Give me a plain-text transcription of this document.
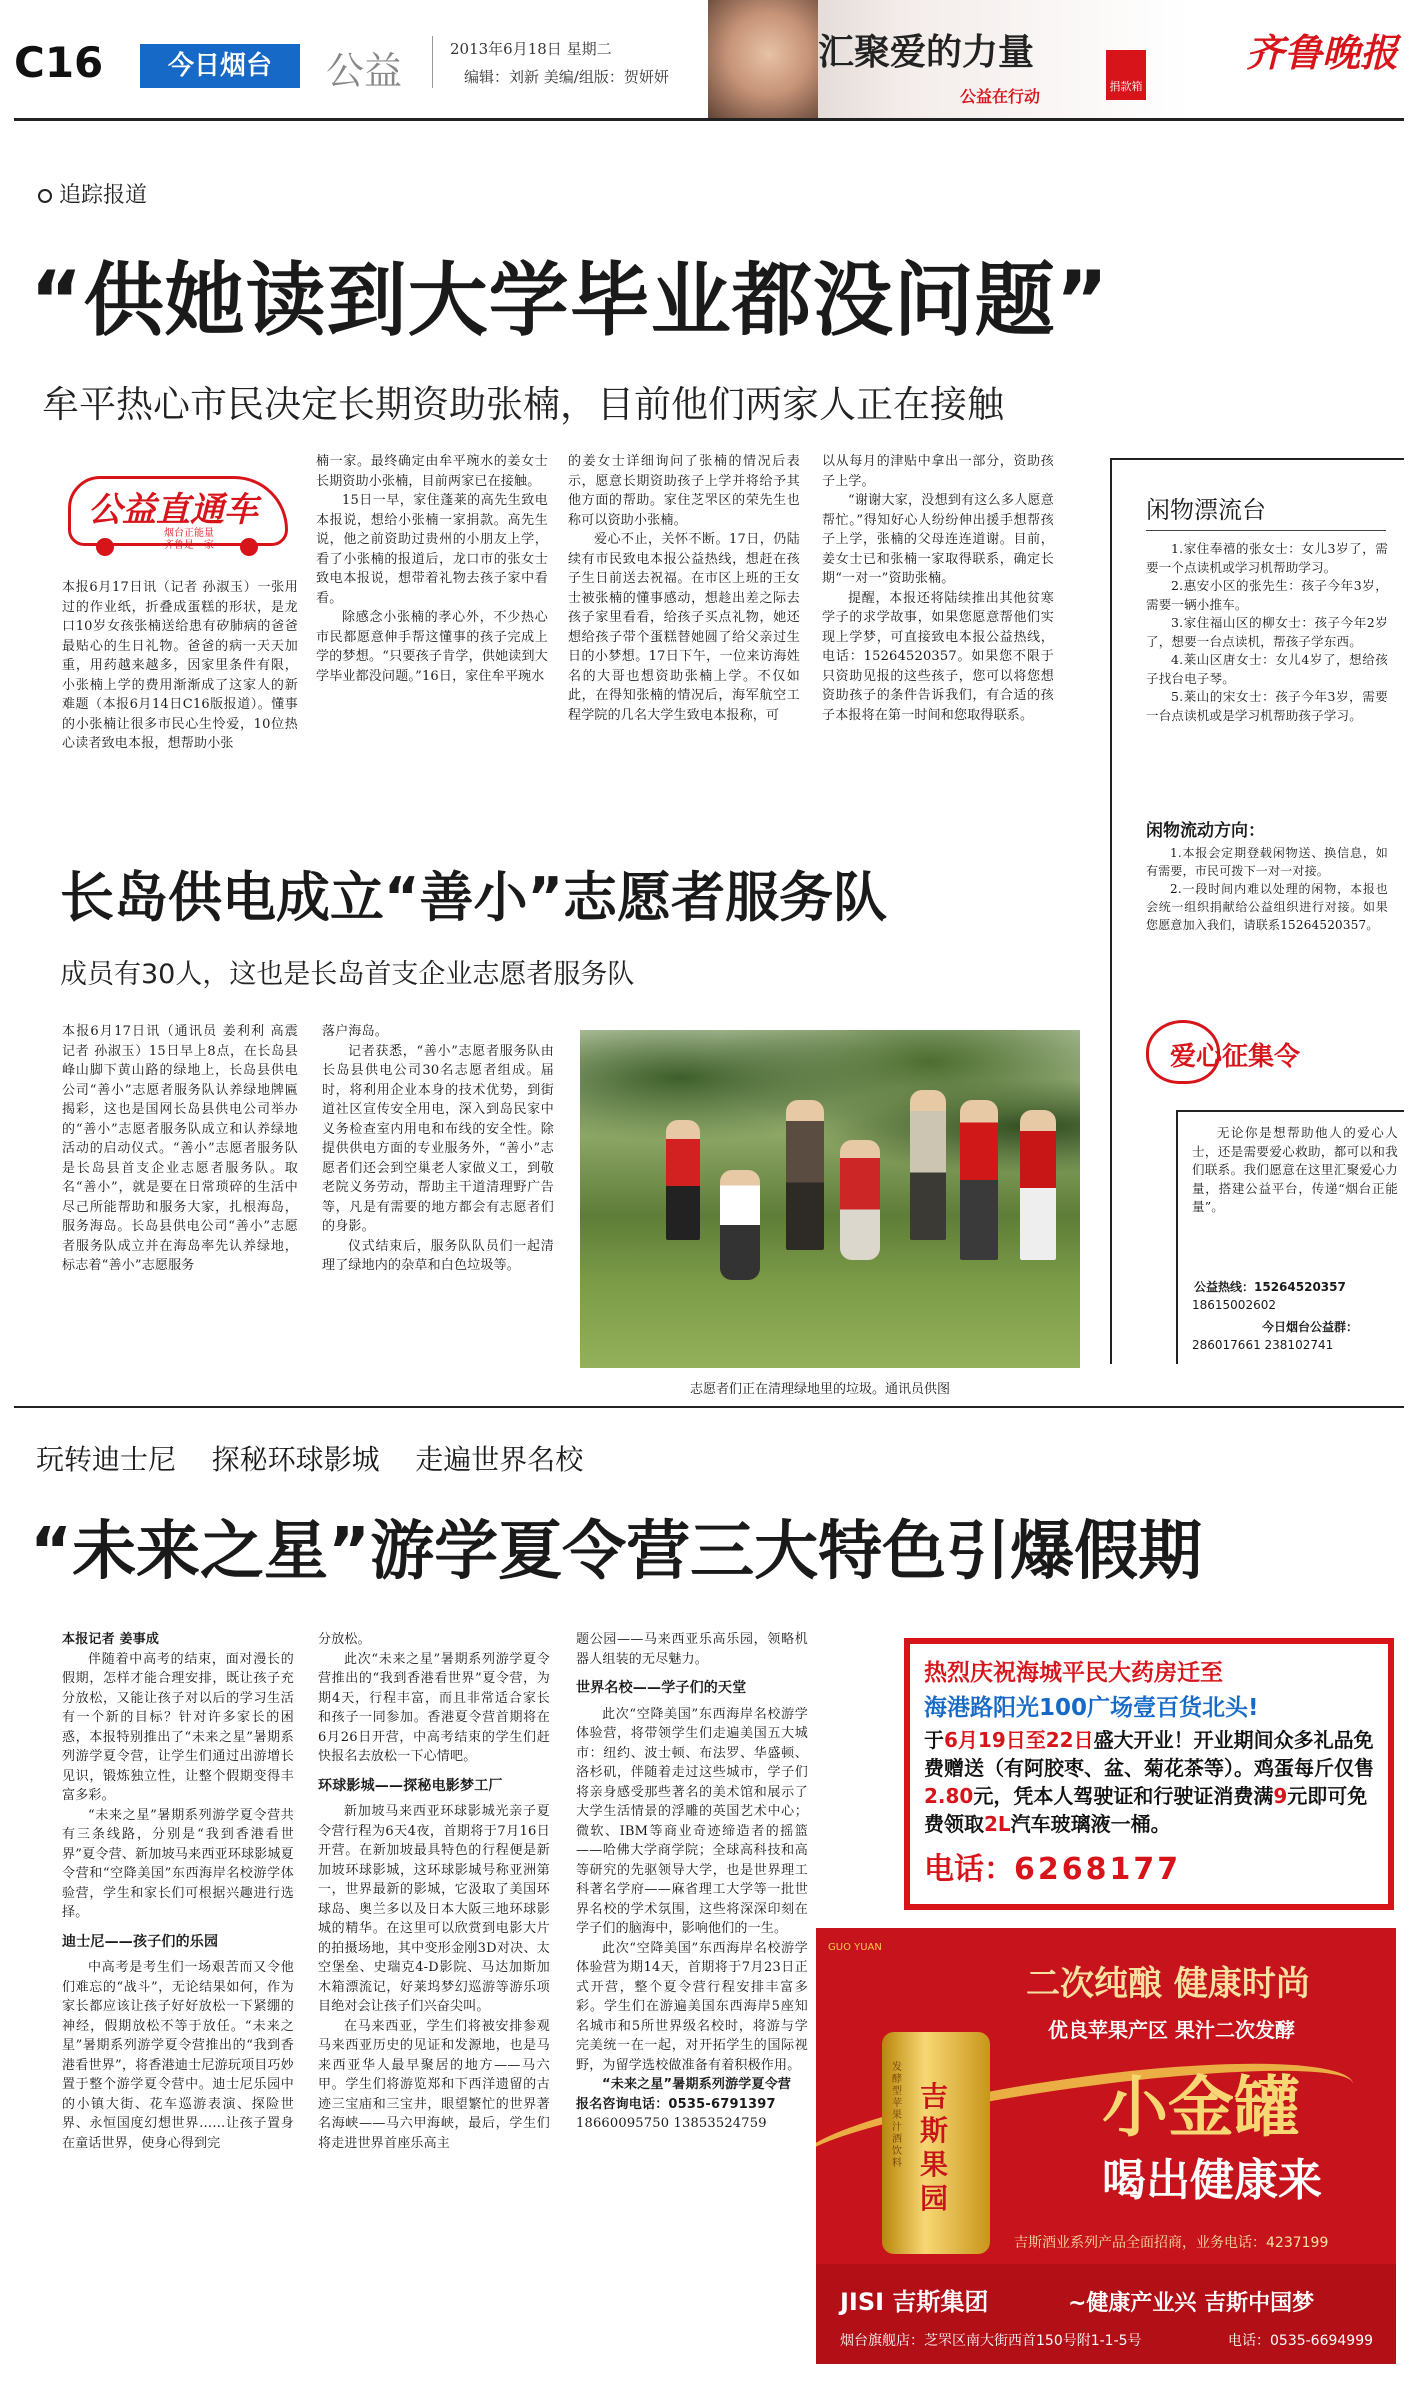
C16	今日烟台	公益	2013年6月18日 星期二
编辑：刘新 美编/组版：贺妍妍
汇聚爱的力量
公益在行动
捐款箱
齐鲁晚报
追踪报道
“供她读到大学毕业都没问题”
牟平热心市民决定长期资助张楠，目前他们两家人正在接触
公益直通车
烟台正能量
齐鲁是一家

本报6月17日讯（记者 孙淑玉）一张用过的作业纸，折叠成蛋糕的形状，是龙口10岁女孩张楠送给患有矽肺病的爸爸最贴心的生日礼物。爸爸的病一天天加重，用药越来越多，因家里条件有限，小张楠上学的费用渐渐成了这家人的新难题（本报6月14日C16版报道）。懂事的小张楠让很多市民心生怜爱，10位热心读者致电本报，想帮助小张

楠一家。最终确定由牟平琬水的姜女士长期资助小张楠，目前两家已在接触。

15日一早，家住蓬莱的高先生致电本报说，想给小张楠一家捐款。高先生说，他之前资助过贵州的小朋友上学，看了小张楠的报道后，龙口市的张女士致电本报说，想带着礼物去孩子家中看看。

除感念小张楠的孝心外，不少热心市民都愿意伸手帮这懂事的孩子完成上学的梦想。“只要孩子肯学，供她读到大学毕业都没问题。”16日，家住牟平琬水

的姜女士详细询问了张楠的情况后表示，愿意长期资助孩子上学并将给予其他方面的帮助。家住芝罘区的荣先生也称可以资助小张楠。

爱心不止，关怀不断。17日，仍陆续有市民致电本报公益热线，想赶在孩子生日前送去祝福。在市区上班的王女士被张楠的懂事感动，想趁出差之际去孩子家里看看，给孩子买点礼物，她还想给孩子带个蛋糕替她圆了给父亲过生日的小梦想。17日下午，一位来访海姓名的大哥也想资助张楠上学。不仅如此，在得知张楠的情况后，海军航空工程学院的几名大学生致电本报称，可

以从每月的津贴中拿出一部分，资助孩子上学。

“谢谢大家，没想到有这么多人愿意帮忙。”得知好心人纷纷伸出援手想帮孩子上学，张楠的父母连连道谢。目前，姜女士已和张楠一家取得联系，确定长期“一对一”资助张楠。

提醒，本报还将陆续推出其他贫寒学子的求学故事，如果您愿意帮他们实现上学梦，可直接致电本报公益热线，电话：15264520357。如果您不限于只资助见报的这些孩子，您可以将您想资助孩子的条件告诉我们，有合适的孩子本报将在第一时间和您取得联系。

闲物漂流台

1.家住奉禧的张女士：女儿3岁了，需要一个点读机或学习机帮助学习。

2.惠安小区的张先生：孩子今年3岁，需要一辆小推车。

3.家住福山区的柳女士：孩子今年2岁了，想要一台点读机，帮孩子学东西。

4.莱山区唐女士：女儿4岁了，想给孩子找台电子琴。

5.莱山的宋女士：孩子今年3岁，需要一台点读机或是学习机帮助孩子学习。

闲物流动方向：

1.本报会定期登载闲物送、换信息，如有需要，市民可拨下一对一对接。

2.一段时间内难以处理的闲物，本报也会统一组织捐献给公益组织进行对接。如果您愿意加入我们，请联系15264520357。

爱心征集令

无论你是想帮助他人的爱心人士，还是需要爱心救助，都可以和我们联系。我们愿意在这里汇聚爱心力量，搭建公益平台，传递“烟台正能量”。

公益热线：15264520357
18615002602
今日烟台公益群：
286017661 238102741
长岛供电成立“善小”志愿者服务队
成员有30人，这也是长岛首支企业志愿者服务队

本报6月17日讯（通讯员 姜利利 高震 记者 孙淑玉）15日早上8点，在长岛县峰山脚下黄山路的绿地上，长岛县供电公司“善小”志愿者服务队认养绿地牌匾揭彩，这也是国网长岛县供电公司举办的“善小”志愿者服务队成立和认养绿地活动的启动仪式。“善小”志愿者服务队是长岛县首支企业志愿者服务队。取名“善小”，就是要在日常琐碎的生活中尽己所能帮助和服务大家，扎根海岛，服务海岛。长岛县供电公司“善小”志愿者服务队成立并在海岛率先认养绿地，标志着“善小”志愿服务

落户海岛。

记者获悉，“善小”志愿者服务队由长岛县供电公司30名志愿者组成。届时，将利用企业本身的技术优势，到街道社区宣传安全用电，深入到岛民家中义务检查室内用电和布线的安全性。除提供供电方面的专业服务外，“善小”志愿者们还会到空巢老人家做义工，到敬老院义务劳动，帮助主干道清理野广告等，凡是有需要的地方都会有志愿者们的身影。

仪式结束后，服务队队员们一起清理了绿地内的杂草和白色垃圾等。

志愿者们正在清理绿地里的垃圾。通讯员供图
玩转迪士尼    探秘环球影城    走遍世界名校
“未来之星”游学夏令营三大特色引爆假期

本报记者 姜事成

伴随着中高考的结束，面对漫长的假期，怎样才能合理安排，既让孩子充分放松，又能让孩子对以后的学习生活有一个新的目标？针对许多家长的困惑，本报特别推出了“未来之星”暑期系列游学夏令营，让学生们通过出游增长见识，锻炼独立性，让整个假期变得丰富多彩。

“未来之星”暑期系列游学夏令营共有三条线路，分别是“我到香港看世界”夏令营、新加坡马来西亚环球影城夏令营和“空降美国”东西海岸名校游学体验营，学生和家长们可根据兴趣进行选择。

迪士尼——孩子们的乐园

中高考是考生们一场艰苦而又令他们难忘的“战斗”，无论结果如何，作为家长都应该让孩子好好放松一下紧绷的神经，假期放松不等于放任。“未来之星”暑期系列游学夏令营推出的“我到香港看世界”，将香港迪士尼游玩项目巧妙置于整个游学夏令营中。迪士尼乐园中的小镇大街、花车巡游表演、探险世界、永恒国度幻想世界……让孩子置身在童话世界，使身心得到完

分放松。

此次“未来之星”暑期系列游学夏令营推出的“我到香港看世界”夏令营，为期4天，行程丰富，而且非常适合家长和孩子一同参加。香港夏令营首期将在6月26日开营，中高考结束的学生们赶快报名去放松一下心情吧。

环球影城——探秘电影梦工厂

新加坡马来西亚环球影城光亲子夏令营行程为6天4夜，首期将于7月16日开营。在新加坡最具特色的行程便是新加坡环球影城，这环球影城号称亚洲第一，世界最新的影城，它汲取了美国环球岛、奥兰多以及日本大阪三地环球影城的精华。在这里可以欣赏到电影大片的拍摄场地，其中变形金刚3D对决、太空堡垒、史瑞克4-D影院、马达加斯加木箱漂流记，好莱坞梦幻巡游等游乐项目绝对会让孩子们兴奋尖叫。

在马来西亚，学生们将被安排参观马来西亚历史的见证和发源地，也是马来西亚华人最早聚居的地方——马六甲。学生们将游览郑和下西洋遗留的古迹三宝庙和三宝井，眼望繁忙的世界著名海峡——马六甲海峡，最后，学生们将走进世界首座乐高主

题公园——马来西亚乐高乐园，领略机器人组装的无尽魅力。

世界名校——学子们的天堂

此次“空降美国”东西海岸名校游学体验营，将带领学生们走遍美国五大城市：纽约、波士顿、布法罗、华盛顿、洛杉矶，伴随着走过这些城市，学子们将亲身感受那些著名的美术馆和展示了大学生活情景的浮雕的英国艺术中心；微软、IBM等商业奇迹缔造者的摇篮——哈佛大学商学院；全球高科技和高等研究的先驱领导大学，也是世界理工科著名学府——麻省理工大学等一批世界名校的学术氛围，这些将深深印刻在学子们的脑海中，影响他们的一生。

此次“空降美国”东西海岸名校游学体验营为期14天，首期将于7月23日正式开营，整个夏令营行程安排丰富多彩。学生们在游遍美国东西海岸5座知名城市和5所世界级名校时，将游与学完美统一在一起，对开拓学生的国际视野，为留学选校做准备有着积极作用。

“未来之星”暑期系列游学夏令营

报名咨询电话：0535-6791397

18660095750 13853524759

热烈庆祝海城平民大药房迁至
海港路阳光100广场壹百货北头!
于6月19日至22日盛大开业！开业期间众多礼品免费赠送（有阿胶枣、盆、菊花茶等）。鸡蛋每斤仅售2.80元，凭本人驾驶证和行驶证消费满9元即可免费领取2L汽车玻璃液一桶。
电话：6268177
GUO YUAN
二次纯酿 健康时尚
优良苹果产区 果汁二次发酵
吉斯果园
发酵型苹果汁酒饮料
小金罐
喝出健康来
吉斯酒业系列产品全面招商，业务电话：4237199
JISI 吉斯集团	~健康产业兴 吉斯中国梦
烟台旗舰店：芝罘区南大街西首150号附1-1-5号	电话：0535-6694999
